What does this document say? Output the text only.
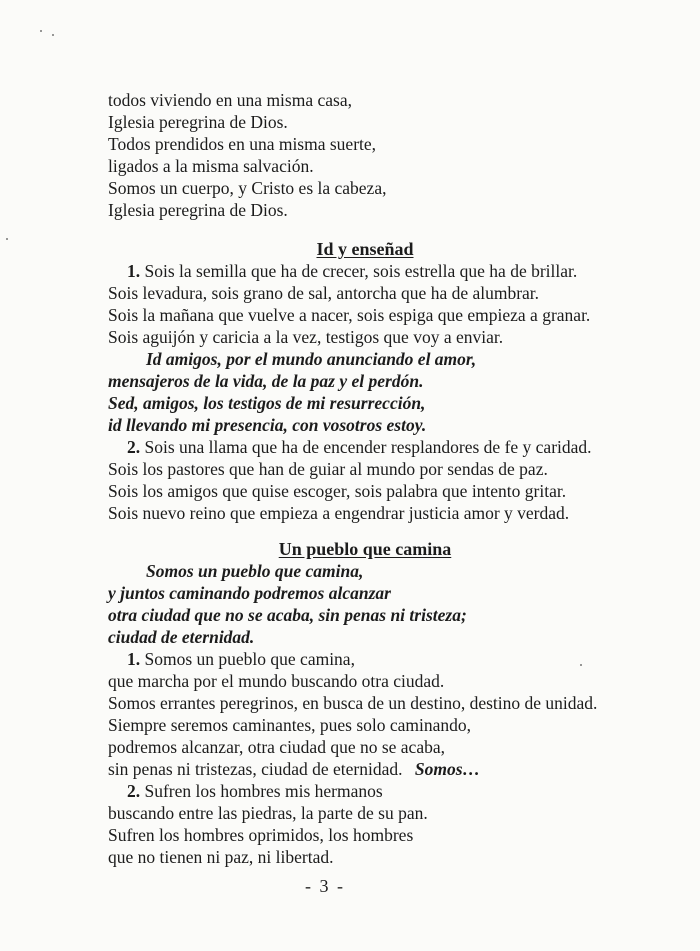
todos viviendo en una misma casa,
Iglesia peregrina de Dios.
Todos prendidos en una misma suerte,
ligados a la misma salvación.
Somos un cuerpo, y Cristo es la cabeza,
Iglesia peregrina de Dios.
Id y enseñad
1. Sois la semilla que ha de crecer, sois estrella que ha de brillar.
Sois levadura, sois grano de sal, antorcha que ha de alumbrar.
Sois la mañana que vuelve a nacer, sois espiga que empieza a granar.
Sois aguijón y caricia a la vez, testigos que voy a enviar.
Id amigos, por el mundo anunciando el amor,
mensajeros de la vida, de la paz y el perdón.
Sed, amigos, los testigos de mi resurrección,
id llevando mi presencia, con vosotros estoy.
2. Sois una llama que ha de encender resplandores de fe y caridad.
Sois los pastores que han de guiar al mundo por sendas de paz.
Sois los amigos que quise escoger, sois palabra que intento gritar.
Sois nuevo reino que empieza a engendrar justicia amor y verdad.
Un pueblo que camina
Somos un pueblo que camina,
y juntos caminando podremos alcanzar
otra ciudad que no se acaba, sin penas ni tristeza;
ciudad de eternidad.
1. Somos un pueblo que camina,
que marcha por el mundo buscando otra ciudad.
Somos errantes peregrinos, en busca de un destino, destino de unidad.
Siempre seremos caminantes, pues solo caminando,
podremos alcanzar, otra ciudad que no se acaba,
sin penas ni tristezas, ciudad de eternidad. Somos…
2. Sufren los hombres mis hermanos
buscando entre las piedras, la parte de su pan.
Sufren los hombres oprimidos, los hombres
que no tienen ni paz, ni libertad.
- 3 -
